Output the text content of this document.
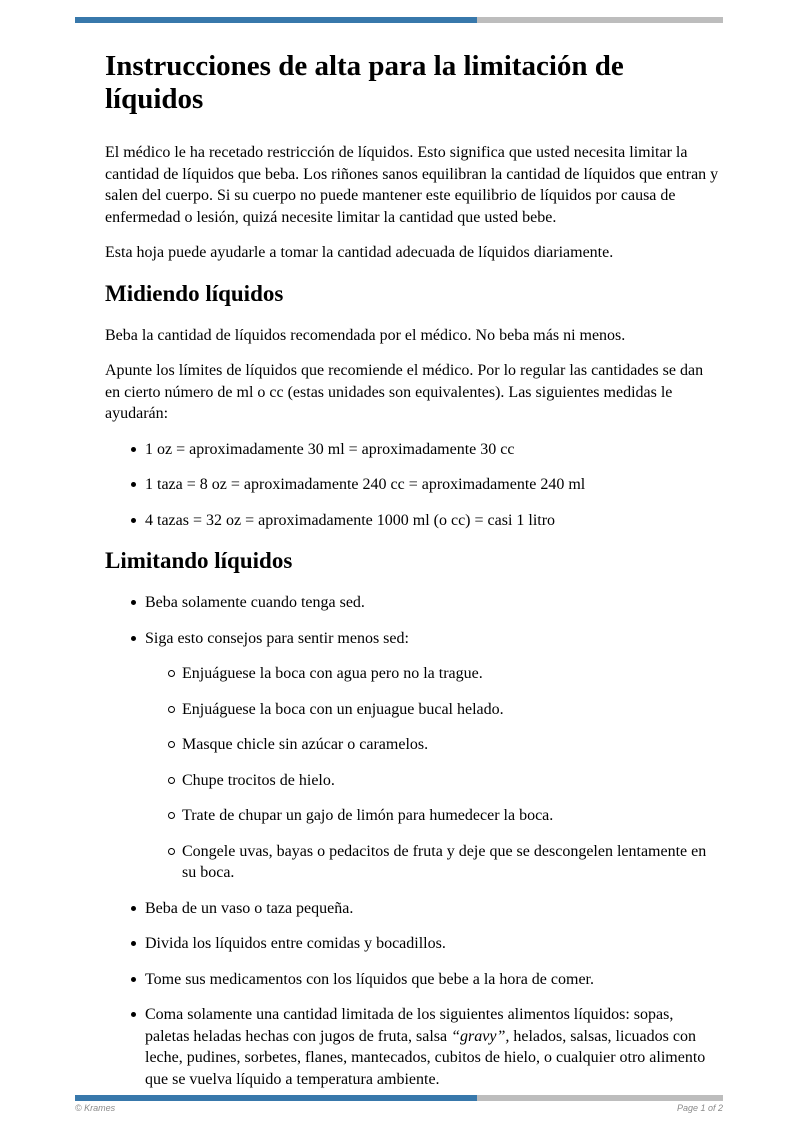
Instrucciones de alta para la limitación de líquidos

El médico le ha recetado restricción de líquidos. Esto significa que usted necesita limitar la cantidad de líquidos que beba. Los riñones sanos equilibran la cantidad de líquidos que entran y salen del cuerpo. Si su cuerpo no puede mantener este equilibrio de líquidos por causa de enfermedad o lesión, quizá necesite limitar la cantidad que usted bebe.

Esta hoja puede ayudarle a tomar la cantidad adecuada de líquidos diariamente.

Midiendo líquidos

Beba la cantidad de líquidos recomendada por el médico. No beba más ni menos.

Apunte los límites de líquidos que recomiende el médico. Por lo regular las cantidades se dan en cierto número de ml o cc (estas unidades son equivalentes). Las siguientes medidas le ayudarán:

1 oz = aproximadamente 30 ml = aproximadamente 30 cc
1 taza = 8 oz = aproximadamente 240 cc = aproximadamente 240 ml
4 tazas = 32 oz = aproximadamente 1000 ml (o cc) = casi 1 litro
Limitando líquidos
Beba solamente cuando tenga sed.
Siga esto consejos para sentir menos sed:
Enjuáguese la boca con agua pero no la trague.
Enjuáguese la boca con un enjuague bucal helado.
Masque chicle sin azúcar o caramelos.
Chupe trocitos de hielo.
Trate de chupar un gajo de limón para humedecer la boca.
Congele uvas, bayas o pedacitos de fruta y deje que se descongelen lentamente en su boca.
Beba de un vaso o taza pequeña.
Divida los líquidos entre comidas y bocadillos.
Tome sus medicamentos con los líquidos que bebe a la hora de comer.
Coma solamente una cantidad limitada de los siguientes alimentos líquidos: sopas, paletas heladas hechas con jugos de fruta, salsa “gravy”, helados, salsas, licuados con leche, pudines, sorbetes, flanes, mantecados, cubitos de hielo, o cualquier otro alimento que se vuelva líquido a temperatura ambiente.
© Krames	Page 1 of 2
